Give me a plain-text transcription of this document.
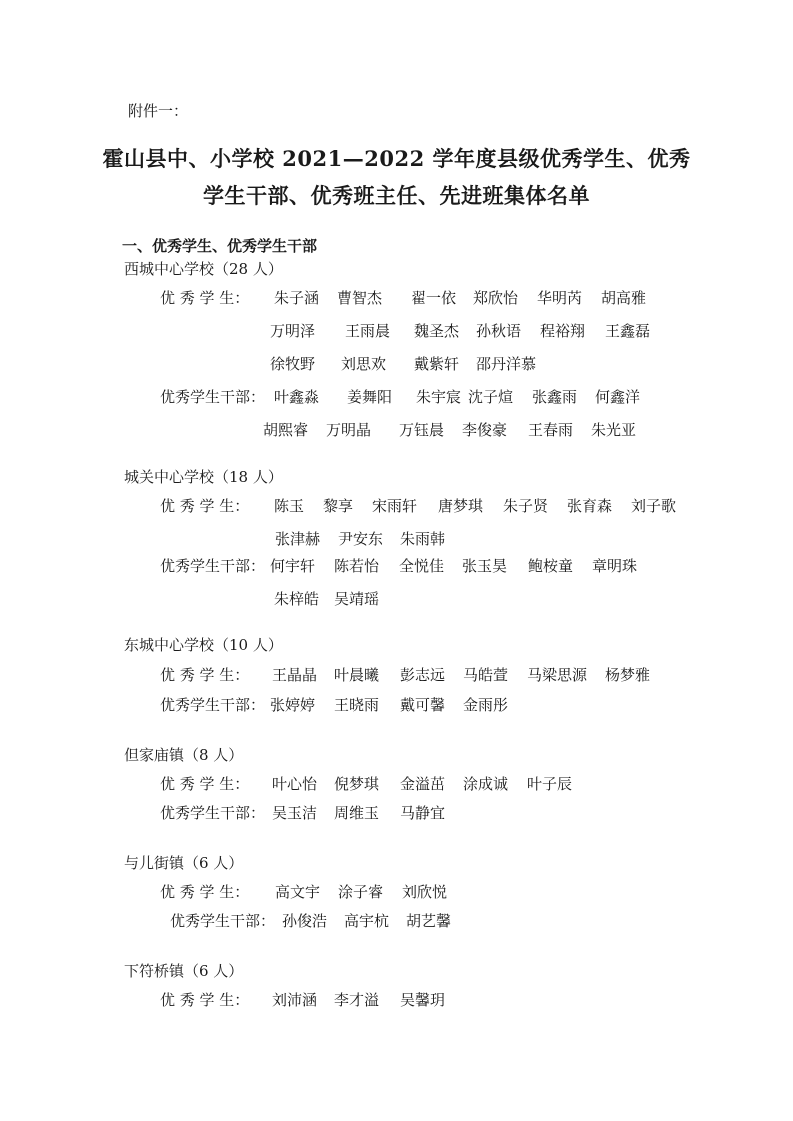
附件一：
霍山县中、小学校 2021—2022 学年度县级优秀学生、优秀
学生干部、优秀班主任、先进班集体名单
一、优秀学生、优秀学生干部
西城中心学校（28 人）
优 秀 学 生： 朱子涵 曹智杰 翟一依 郑欣怡 华明芮 胡高雅
万明泽 王雨晨 魏圣杰 孙秋语 程裕翔 王鑫磊
徐牧野 刘思欢 戴紫轩 邵丹洋慕
优秀学生干部： 叶鑫淼 姜舞阳 朱宇宸 沈子煊 张鑫雨 何鑫洋
胡熙睿 万明晶 万钰晨 李俊豪 王春雨 朱光亚
城关中心学校（18 人）
优 秀 学 生： 陈玉 黎享 宋雨轩 唐梦琪 朱子贤 张育森 刘子歌
张津赫 尹安东 朱雨韩
优秀学生干部： 何宇轩 陈若怡 全悦佳 张玉昊 鲍桉童 章明珠
朱梓皓 吴靖瑶
东城中心学校（10 人）
优 秀 学 生： 王晶晶 叶晨曦 彭志远 马皓萱 马梁思源 杨梦雅
优秀学生干部： 张婷婷 王晓雨 戴可馨 金雨彤
但家庙镇（8 人）
优 秀 学 生： 叶心怡 倪梦琪 金溢茁 涂成诚 叶子辰
优秀学生干部： 吴玉洁 周维玉 马静宜
与儿街镇（6 人）
优 秀 学 生： 高文宇 涂子睿 刘欣悦
优秀学生干部： 孙俊浩 高宇杭 胡艺馨
下符桥镇（6 人）
优 秀 学 生： 刘沛涵 李才溢 吴馨玥
